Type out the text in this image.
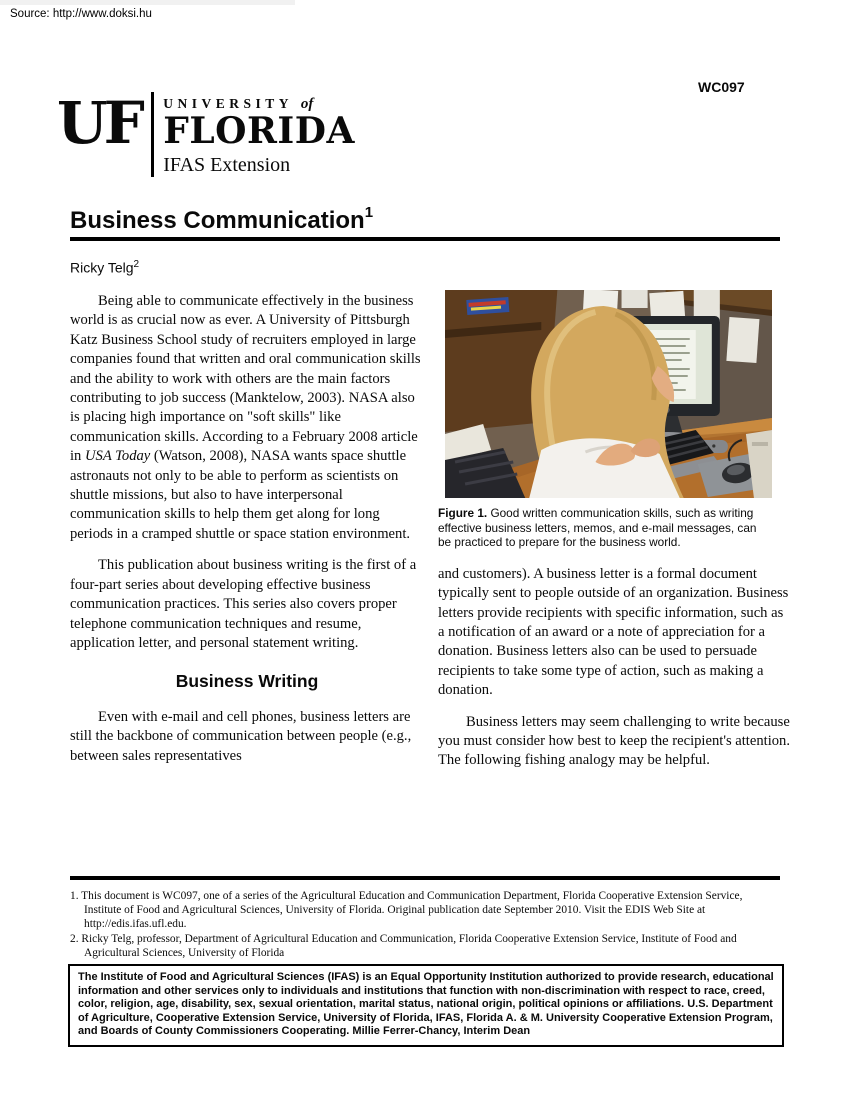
Source: http://www.doksi.hu
WC097
UF	UNIVERSITY of
FLORIDA
IFAS Extension
Business Communication$^1$
Ricky Telg$^2$

Being able to communicate effectively in the business world is as crucial now as ever. A University of Pittsburgh Katz Business School study of recruiters employed in large companies found that written and oral communication skills and the ability to work with others are the main factors contributing to job success (Manktelow, 2003). NASA also is placing high importance on "soft skills" like communication skills. According to a February 2008 article in USA Today (Watson, 2008), NASA wants space shuttle astronauts not only to be able to perform as scientists on shuttle missions, but also to have interpersonal communication skills to help them get along for long periods in a cramped shuttle or space station environment.

This publication about business writing is the first of a four-part series about developing effective business communication practices. This series also covers proper telephone communication techniques and resume, application letter, and personal statement writing.

Business Writing

Even with e-mail and cell phones, business letters are still the backbone of communication between people (e.g., between sales representatives

Figure 1. Good written communication skills, such as writing effective business letters, memos, and e-mail messages, can be practiced to prepare for the business world.

and customers). A business letter is a formal document typically sent to people outside of an organization. Business letters provide recipients with specific information, such as a notification of an award or a note of appreciation for a donation. Business letters also can be used to persuade recipients to take some type of action, such as making a donation.

Business letters may seem challenging to write because you must consider how best to keep the recipient's attention. The following fishing analogy may be helpful.

1. This document is WC097, one of a series of the Agricultural Education and Communication Department, Florida Cooperative Extension Service, Institute of Food and Agricultural Sciences, University of Florida. Original publication date September 2010. Visit the EDIS Web Site at http://edis.ifas.ufl.edu.
2. Ricky Telg, professor, Department of Agricultural Education and Communication, Florida Cooperative Extension Service, Institute of Food and Agricultural Sciences, University of Florida
The Institute of Food and Agricultural Sciences (IFAS) is an Equal Opportunity Institution authorized to provide research, educational information and other services only to individuals and institutions that function with non-discrimination with respect to race, creed, color, religion, age, disability, sex, sexual orientation, marital status, national origin, political opinions or affiliations. U.S. Department of Agriculture, Cooperative Extension Service, University of Florida, IFAS, Florida A. & M. University Cooperative Extension Program, and Boards of County Commissioners Cooperating. Millie Ferrer-Chancy, Interim Dean
